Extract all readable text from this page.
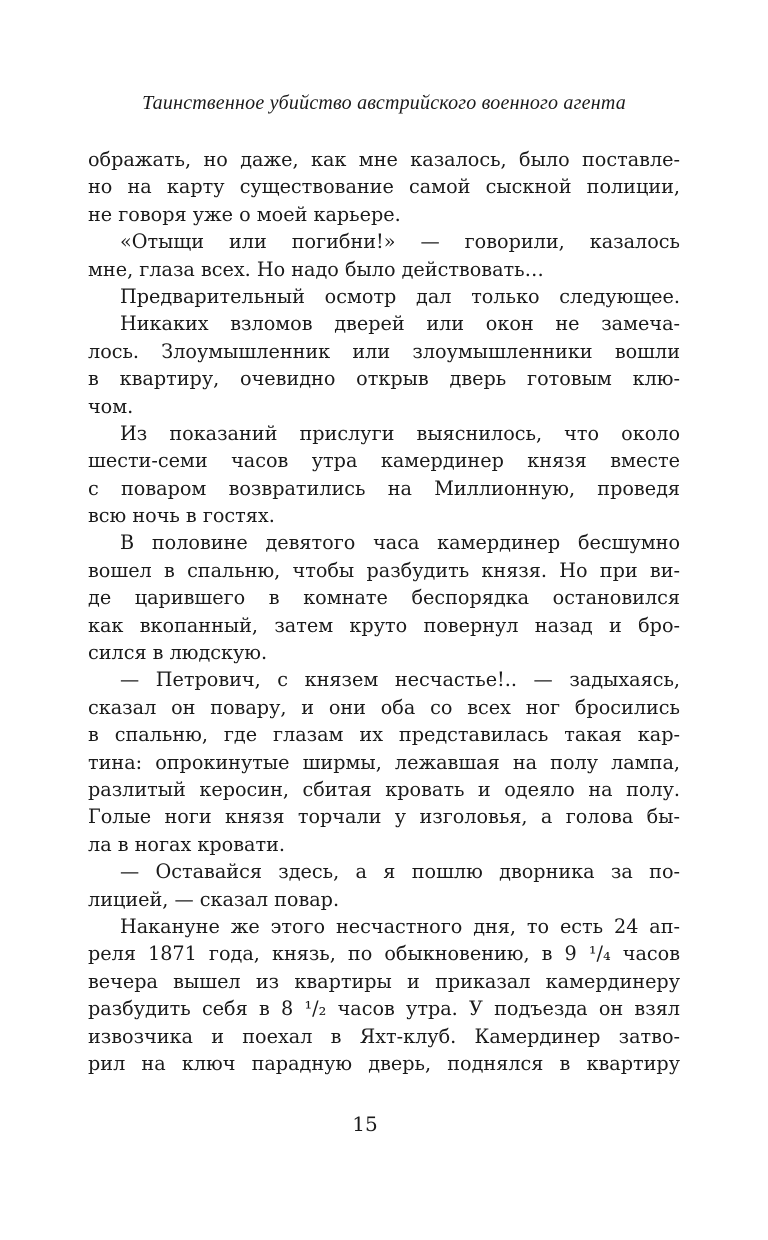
Таинственное убийство австрийского военного агента
ображать, но даже, как мне казалось, было поставле-
но на карту существование самой сыскной полиции,
не говоря уже о моей карьере.
«Отыщи или погибни!» — говорили, казалось
мне, глаза всех. Но надо было действовать…
Предварительный осмотр дал только следующее.
Никаких взломов дверей или окон не замеча-
лось. Злоумышленник или злоумышленники вошли
в квартиру, очевидно открыв дверь готовым клю-
чом.
Из показаний прислуги выяснилось, что около
шести-семи часов утра камердинер князя вместе
с поваром возвратились на Миллионную, проведя
всю ночь в гостях.
В половине девятого часа камердинер бесшумно
вошел в спальню, чтобы разбудить князя. Но при ви-
де царившего в комнате беспорядка остановился
как вкопанный, затем круто повернул назад и бро-
сился в людскую.
— Петрович, с князем несчастье!.. — задыхаясь,
сказал он повару, и они оба со всех ног бросились
в спальню, где глазам их представилась такая кар-
тина: опрокинутые ширмы, лежавшая на полу лампа,
разлитый керосин, сбитая кровать и одеяло на полу.
Голые ноги князя торчали у изголовья, а голова бы-
ла в ногах кровати.
— Оставайся здесь, а я пошлю дворника за по-
лицией, — сказал повар.
Накануне же этого несчастного дня, то есть 24 ап-
реля 1871 года, князь, по обыкновению, в 9 ¹/₄ часов
вечера вышел из квартиры и приказал камердинеру
разбудить себя в 8 ¹/₂ часов утра. У подъезда он взял
извозчика и поехал в Яхт-клуб. Камердинер затво-
рил на ключ парадную дверь, поднялся в квартиру
15
